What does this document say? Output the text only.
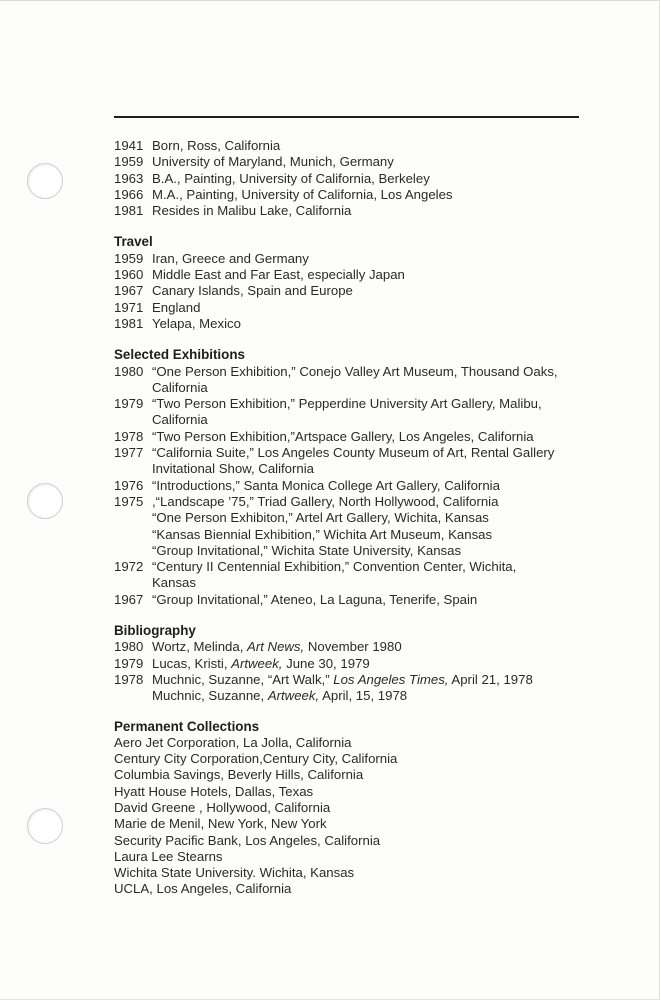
1941 Born, Ross, California
1959 University of Maryland, Munich, Germany
1963 B.A., Painting, University of California, Berkeley
1966 M.A., Painting, University of California, Los Angeles
1981 Resides in Malibu Lake, California
Travel
1959 Iran, Greece and Germany
1960 Middle East and Far East, especially Japan
1967 Canary Islands, Spain and Europe
1971 England
1981 Yelapa, Mexico
Selected Exhibitions
1980 “One Person Exhibition,” Conejo Valley Art Museum, Thousand Oaks,
California
1979 “Two Person Exhibition,” Pepperdine University Art Gallery, Malibu,
California
1978 “Two Person Exhibition,”Artspace Gallery, Los Angeles, California
1977 “California Suite,” Los Angeles County Museum of Art, Rental Gallery
Invitational Show, California
1976 “Introductions,” Santa Monica College Art Gallery, California
1975 ,“Landscape ’75,” Triad Gallery, North Hollywood, California
“One Person Exhibiton,” Artel Art Gallery, Wichita, Kansas
“Kansas Biennial Exhibition,” Wichita Art Museum, Kansas
“Group Invitational,” Wichita State University, Kansas
1972 “Century II Centennial Exhibition,” Convention Center, Wichita,
Kansas
1967 “Group Invitational,” Ateneo, La Laguna, Tenerife, Spain
Bibliography
1980 Wortz, Melinda, Art News, November 1980
1979 Lucas, Kristi, Artweek, June 30, 1979
1978 Muchnic, Suzanne, “Art Walk,” Los Angeles Times, April 21, 1978
Muchnic, Suzanne, Artweek, April, 15, 1978
Permanent Collections
Aero Jet Corporation, La Jolla, California
Century City Corporation,Century City, California
Columbia Savings, Beverly Hills, California
Hyatt House Hotels, Dallas, Texas
David Greene , Hollywood, California
Marie de Menil, New York, New York
Security Pacific Bank, Los Angeles, California
Laura Lee Stearns
Wichita State University. Wichita, Kansas
UCLA, Los Angeles, California
